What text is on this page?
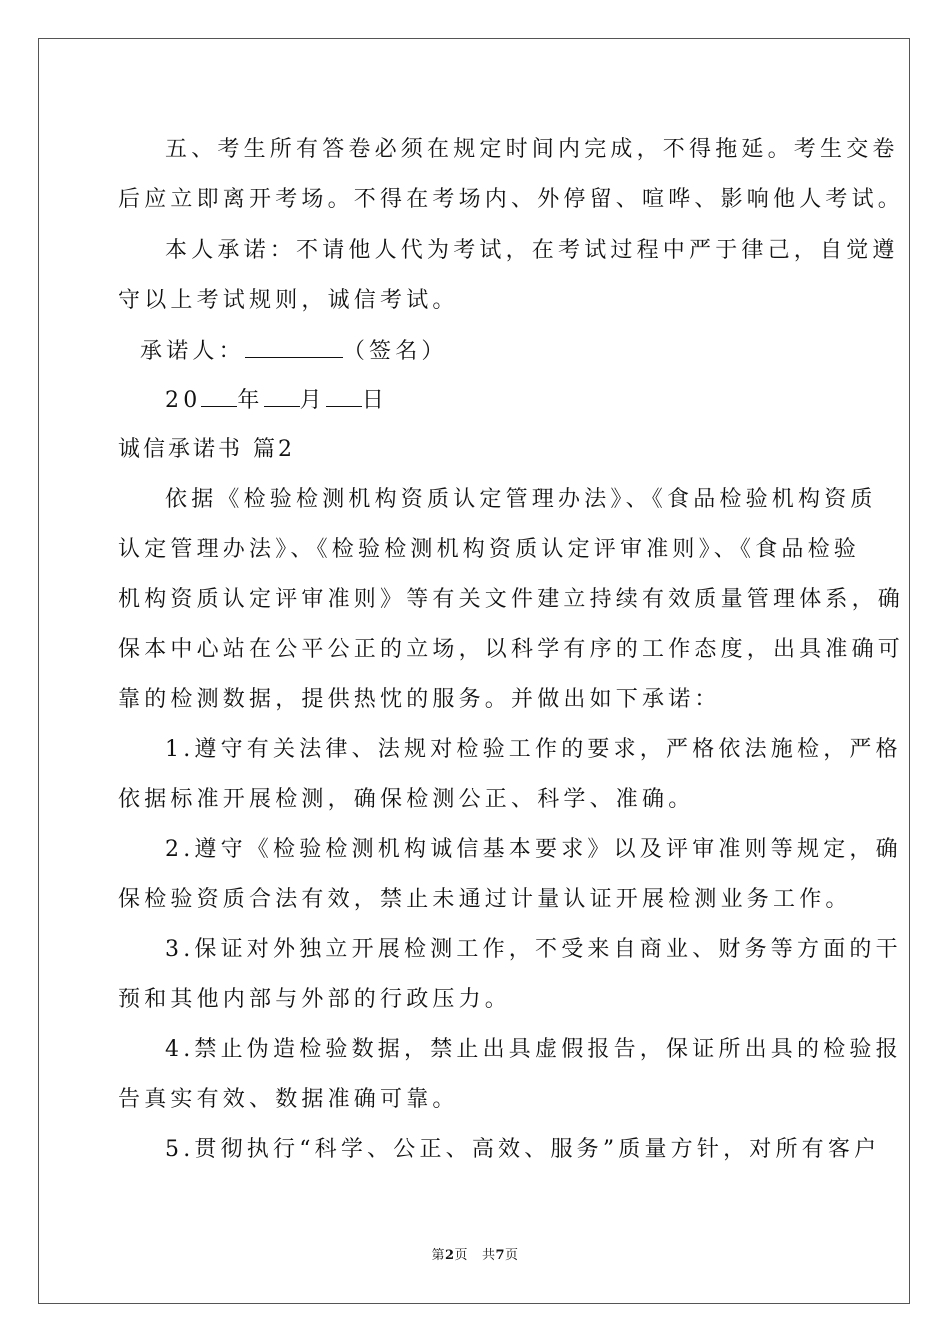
五、考生所有答卷必须在规定时间内完成，不得拖延。考生交卷
后应立即离开考场。不得在考场内、外停留、喧哗、影响他人考试。
本人承诺：不请他人代为考试，在考试过程中严于律己，自觉遵
守以上考试规则，诚信考试。
承诺人：	（签名）
20 年 月 日
诚信承诺书 篇2
依据《检验检测机构资质认定管理办法》、《食品检验机构资质
认定管理办法》、《检验检测机构资质认定评审准则》、《食品检验
机构资质认定评审准则》等有关文件建立持续有效质量管理体系，确
保本中心站在公平公正的立场，以科学有序的工作态度，出具准确可
靠的检测数据，提供热忱的服务。并做出如下承诺：
1.遵守有关法律、法规对检验工作的要求，严格依法施检，严格
依据标准开展检测，确保检测公正、科学、准确。
2.遵守《检验检测机构诚信基本要求》以及评审准则等规定，确
保检验资质合法有效，禁止未通过计量认证开展检测业务工作。
3.保证对外独立开展检测工作，不受来自商业、财务等方面的干
预和其他内部与外部的行政压力。
4.禁止伪造检验数据，禁止出具虚假报告，保证所出具的检验报
告真实有效、数据准确可靠。
5.贯彻执行“科学、公正、高效、服务”质量方针，对所有客户
第2页 共7页
